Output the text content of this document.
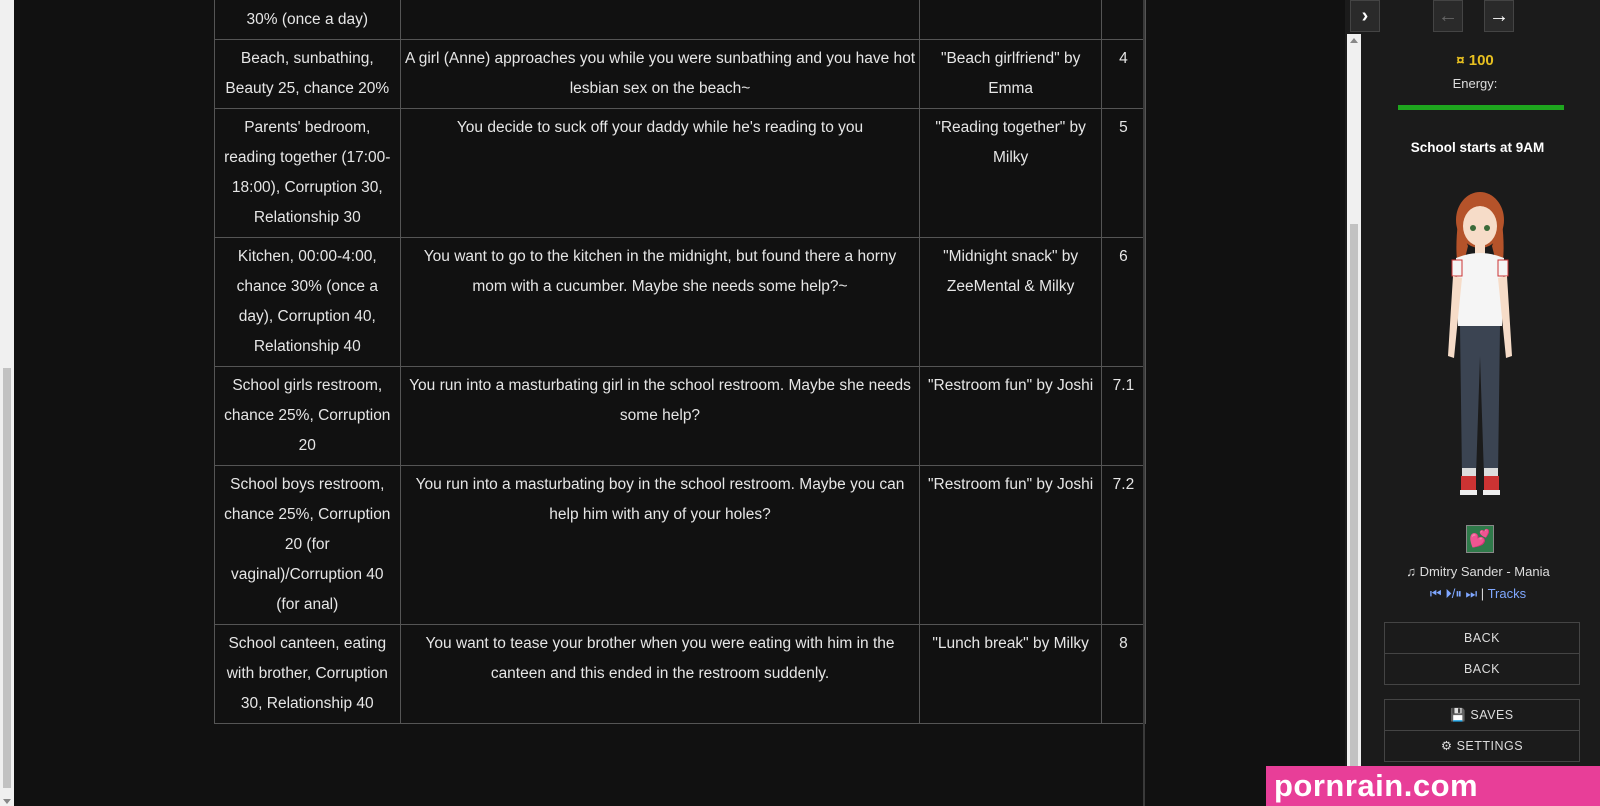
30% (once a day)			
Beach, sunbathing, Beauty 25, chance 20%	A girl (Anne) approaches you while you were sunbathing and you have hot lesbian sex on the beach~	"Beach girlfriend" by Emma	4
Parents' bedroom, reading together (17:00-18:00), Corruption 30, Relationship 30	You decide to suck off your daddy while he's reading to you	"Reading together" by Milky	5
Kitchen, 00:00-4:00, chance 30% (once a day), Corruption 40, Relationship 40	You want to go to the kitchen in the midnight, but found there a horny mom with a cucumber. Maybe she needs some help?~	"Midnight snack" by ZeeMental & Milky	6
School girls restroom, chance 25%, Corruption 20	You run into a masturbating girl in the school restroom. Maybe she needs some help?	"Restroom fun" by Joshi	7.1
School boys restroom, chance 25%, Corruption 20 (for vaginal)/Corruption 40 (for anal)	You run into a masturbating boy in the school restroom. Maybe you can help him with any of your holes?	"Restroom fun" by Joshi	7.2
School canteen, eating with brother, Corruption 30, Relationship 40	You want to tease your brother when you were eating with him in the canteen and this ended in the restroom suddenly.	"Lunch break" by Milky	8
›	← →
¤ 100
Energy:
School starts at 9AM
💕
♫ Dmitry Sander - Mania
⏮ ⏵/⏸ ⏭ | Tracks
BACK
BACK
💾 SAVES
⚙ SETTINGS
pornrain.com
